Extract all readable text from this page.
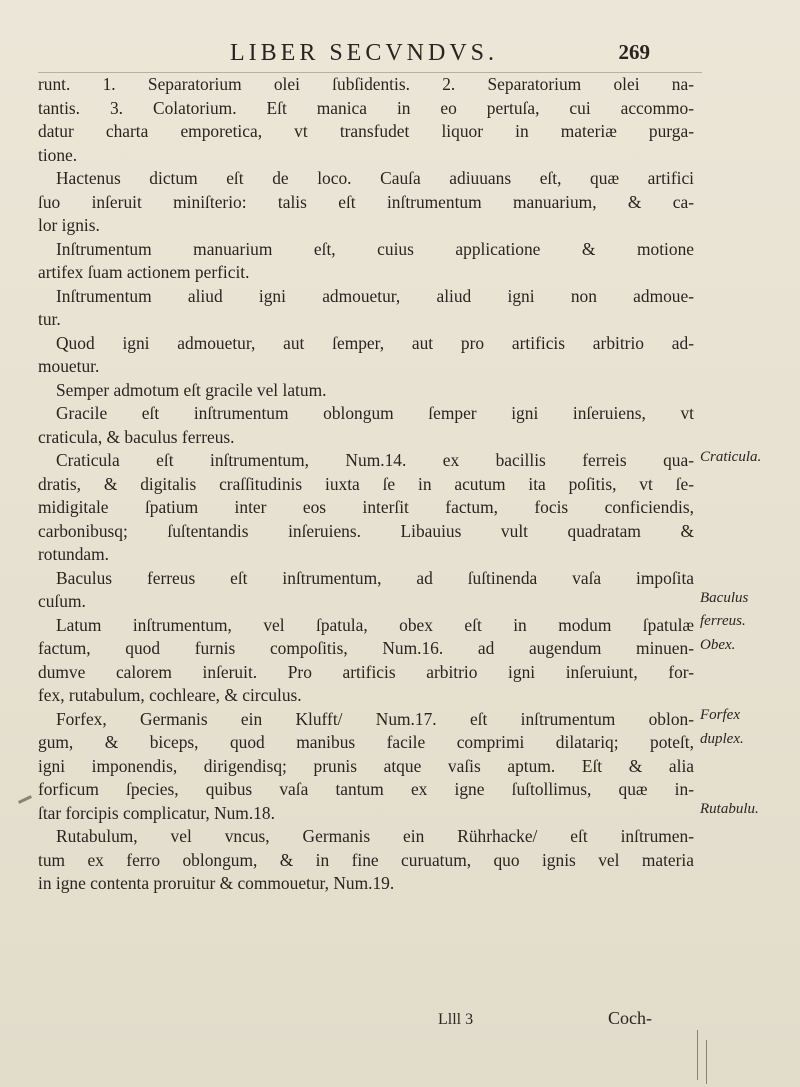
LIBER SECVNDVS.	269
runt. 1. Separatorium olei ſubſidentis. 2. Separatorium olei na-
tantis. 3. Colatorium. Eſt manica in eo pertuſa, cui accommo-
datur charta emporetica, vt transfudet liquor in materiæ purga-
tione.
Hactenus dictum eſt de loco. Cauſa adiuuans eſt, quæ artifici
ſuo inſeruit miniſterio: talis eſt inſtrumentum manuarium, & ca-
lor ignis.
Inſtrumentum manuarium eſt, cuius applicatione & motione
artifex ſuam actionem perficit.
Inſtrumentum aliud igni admouetur, aliud igni non admoue-
tur.
Quod igni admouetur, aut ſemper, aut pro artificis arbitrio ad-
mouetur.
Semper admotum eſt gracile vel latum.
Gracile eſt inſtrumentum oblongum ſemper igni inſeruiens, vt
craticula, & baculus ferreus.
Craticula eſt inſtrumentum, Num.14. ex bacillis ferreis qua-
dratis, & digitalis craſſitudinis iuxta ſe in acutum ita poſitis, vt ſe-
midigitale ſpatium inter eos interſit factum, focis conficiendis,
carbonibusq; ſuſtentandis inſeruiens. Libauius vult quadratam &
rotundam.
Baculus ferreus eſt inſtrumentum, ad ſuſtinenda vaſa impoſita
cuſum.
Latum inſtrumentum, vel ſpatula, obex eſt in modum ſpatulæ
factum, quod furnis compoſitis, Num.16. ad augendum minuen-
dumve calorem inſeruit. Pro artificis arbitrio igni inſeruiunt, for-
fex, rutabulum, cochleare, & circulus.
Forfex, Germanis ein Klufft/ Num.17. eſt inſtrumentum oblon-
gum, & biceps, quod manibus facile comprimi dilatariq; poteſt,
igni imponendis, dirigendisq; prunis atque vaſis aptum. Eſt & alia
forficum ſpecies, quibus vaſa tantum ex igne ſuſtollimus, quæ in-
ſtar forcipis complicatur, Num.18.
Rutabulum, vel vncus, Germanis ein Rührhacke/ eſt inſtrumen-
tum ex ferro oblongum, & in fine curuatum, quo ignis vel materia
in igne contenta proruitur & commouetur, Num.19.
Craticula.
Baculus
ferreus.
Obex.
Forfex
duplex.
Rutabulu.
Llll 3	Coch-
